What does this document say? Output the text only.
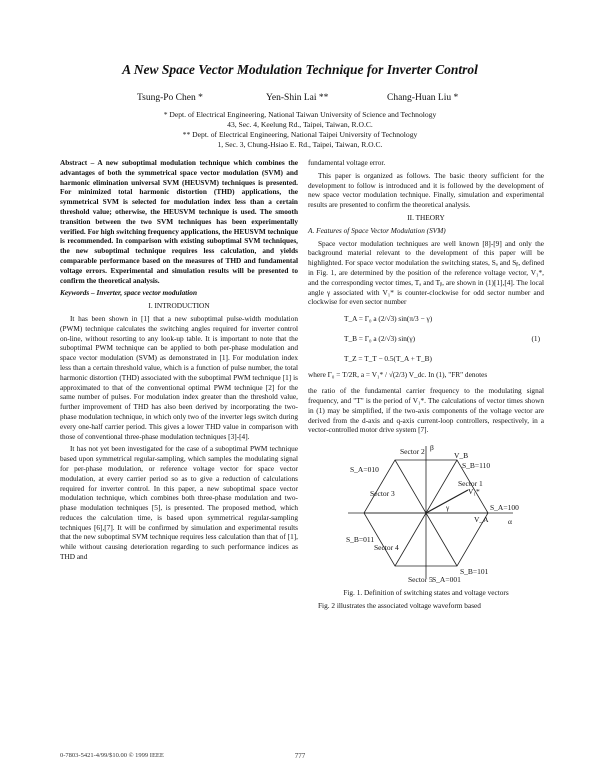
A New Space Vector Modulation Technique for Inverter Control
Tsung-Po Chen *	Yen-Shin Lai **	Chang-Huan Liu *
* Dept. of Electrical Engineering, National Taiwan University of Science and Technology
43, Sec. 4, Keelung Rd., Taipei, Taiwan, R.O.C.
** Dept. of Electrical Engineering, National Taipei University of Technology
1, Sec. 3, Chung-Hsiao E. Rd., Taipei, Taiwan, R.O.C.

Abstract – A new suboptimal modulation technique which combines the advantages of both the symmetrical space vector modulation (SVM) and harmonic elimination universal SVM (HEUSVM) techniques is presented. For minimized total harmonic distortion (THD) applications, the symmetrical SVM is selected for modulation index less than a certain threshold value; otherwise, the HEUSVM technique is used. The smooth transition between the two SVM techniques has been experimentally verified. For high switching frequency applications, the HEUSVM technique is recommended. In comparison with existing suboptimal SVM techniques, the new suboptimal technique requires less calculation, and yields comparable performance based on the measures of THD and fundamental voltage errors. Experimental and simulation results will be presented to confirm the theoretical analysis.

Keywords – Inverter, space vector modulation

I. INTRODUCTION

It has been shown in [1] that a new suboptimal pulse-width modulation (PWM) technique calculates the switching angles required for inverter control on-line, without resorting to any look-up table. It is important to note that the suboptimal PWM technique can be applied to both per-phase modulation and space vector modulation (SVM) as demonstrated in [1]. For modulation index less than a certain threshold value, which is a function of pulse number, the total harmonic distortion (THD) associated with the suboptimal PWM technique [1] is approximated to that of the conventional optimal PWM technique [2] for the same number of pulses. For modulation index greater than the threshold value, further improvement of THD has also been derived by incorporating the two-phase modulation technique, in which only two of the inverter legs switch during every one-half carrier period. This gives a lower THD value in comparison with those of conventional three-phase modulation techniques [3]-[4].

It has not yet been investigated for the case of a suboptimal PWM technique based upon symmetrical regular-sampling, which samples the modulating signal for per-phase modulation, or reference voltage vector for space vector modulation, at every carrier period so as to give a reduction of calculations required for inverter control. In this paper, a new suboptimal space vector modulation technique, which combines both three-phase modulation and two-phase modulation techniques [5], is presented. The proposed method, which reduces the calculation time, is based upon symmetrical regular-sampling techniques [6],[7]. It will be confirmed by simulation and experimental results that the new suboptimal SVM technique requires less calculation than that of [1], while without causing deterioration regarding to such performance indices as THD and

fundamental voltage error.

This paper is organized as follows. The basic theory sufficient for the development to follow is introduced and it is followed by the development of new space vector modulation technique. Finally, simulation and experimental results are presented to confirm the theoretical analysis.

II. THEORY

A. Features of Space Vector Modulation (SVM)

Space vector modulation techniques are well known [8]-[9] and only the background material relevant to the development of this paper will be highlighted. For space vector modulation the switching states, Sₐ and Sᵦ, defined in Fig. 1, are determined by the position of the reference voltage vector, V₁*, and the corresponding vector times, Tₐ and Tᵦ, are shown in (1)[1],[4]. The local angle γ associated with V₁* is counter-clockwise for odd sector number and clockwise for even sector number

T_A = Γ₀ a (2/√3) sin(π/3 − γ)
T_B = Γ₀ a (2/√3) sin(γ)
T_Z = T_T − 0.5(T_A + T_B)
(1)
where Γ₀ = T/2R, a = V₁* / √(2/3) V_dc. In (1), "FR" denotes

the ratio of the fundamental carrier frequency to the modulating signal frequency, and "T" is the period of V₁*. The calculations of vector times shown in (1) may be simplified, if the two-axis components of the voltage vector are derived from the d-axis and q-axis current-loop controllers, respectively, in a vector-controlled motor drive system [7].

β
α
Sector 1
Sector 2
Sector 3
Sector 4
Sector 5
S_B=110
S_A=100
S_A=010
S_B=011
S_A=001
S_B=101
V₁*
γ
V_A
V_B

Fig. 1. Definition of switching states and voltage vectors

Fig. 2 illustrates the associated voltage waveform based

0-7803-5421-4/99/$10.00 © 1999 IEEE	777
